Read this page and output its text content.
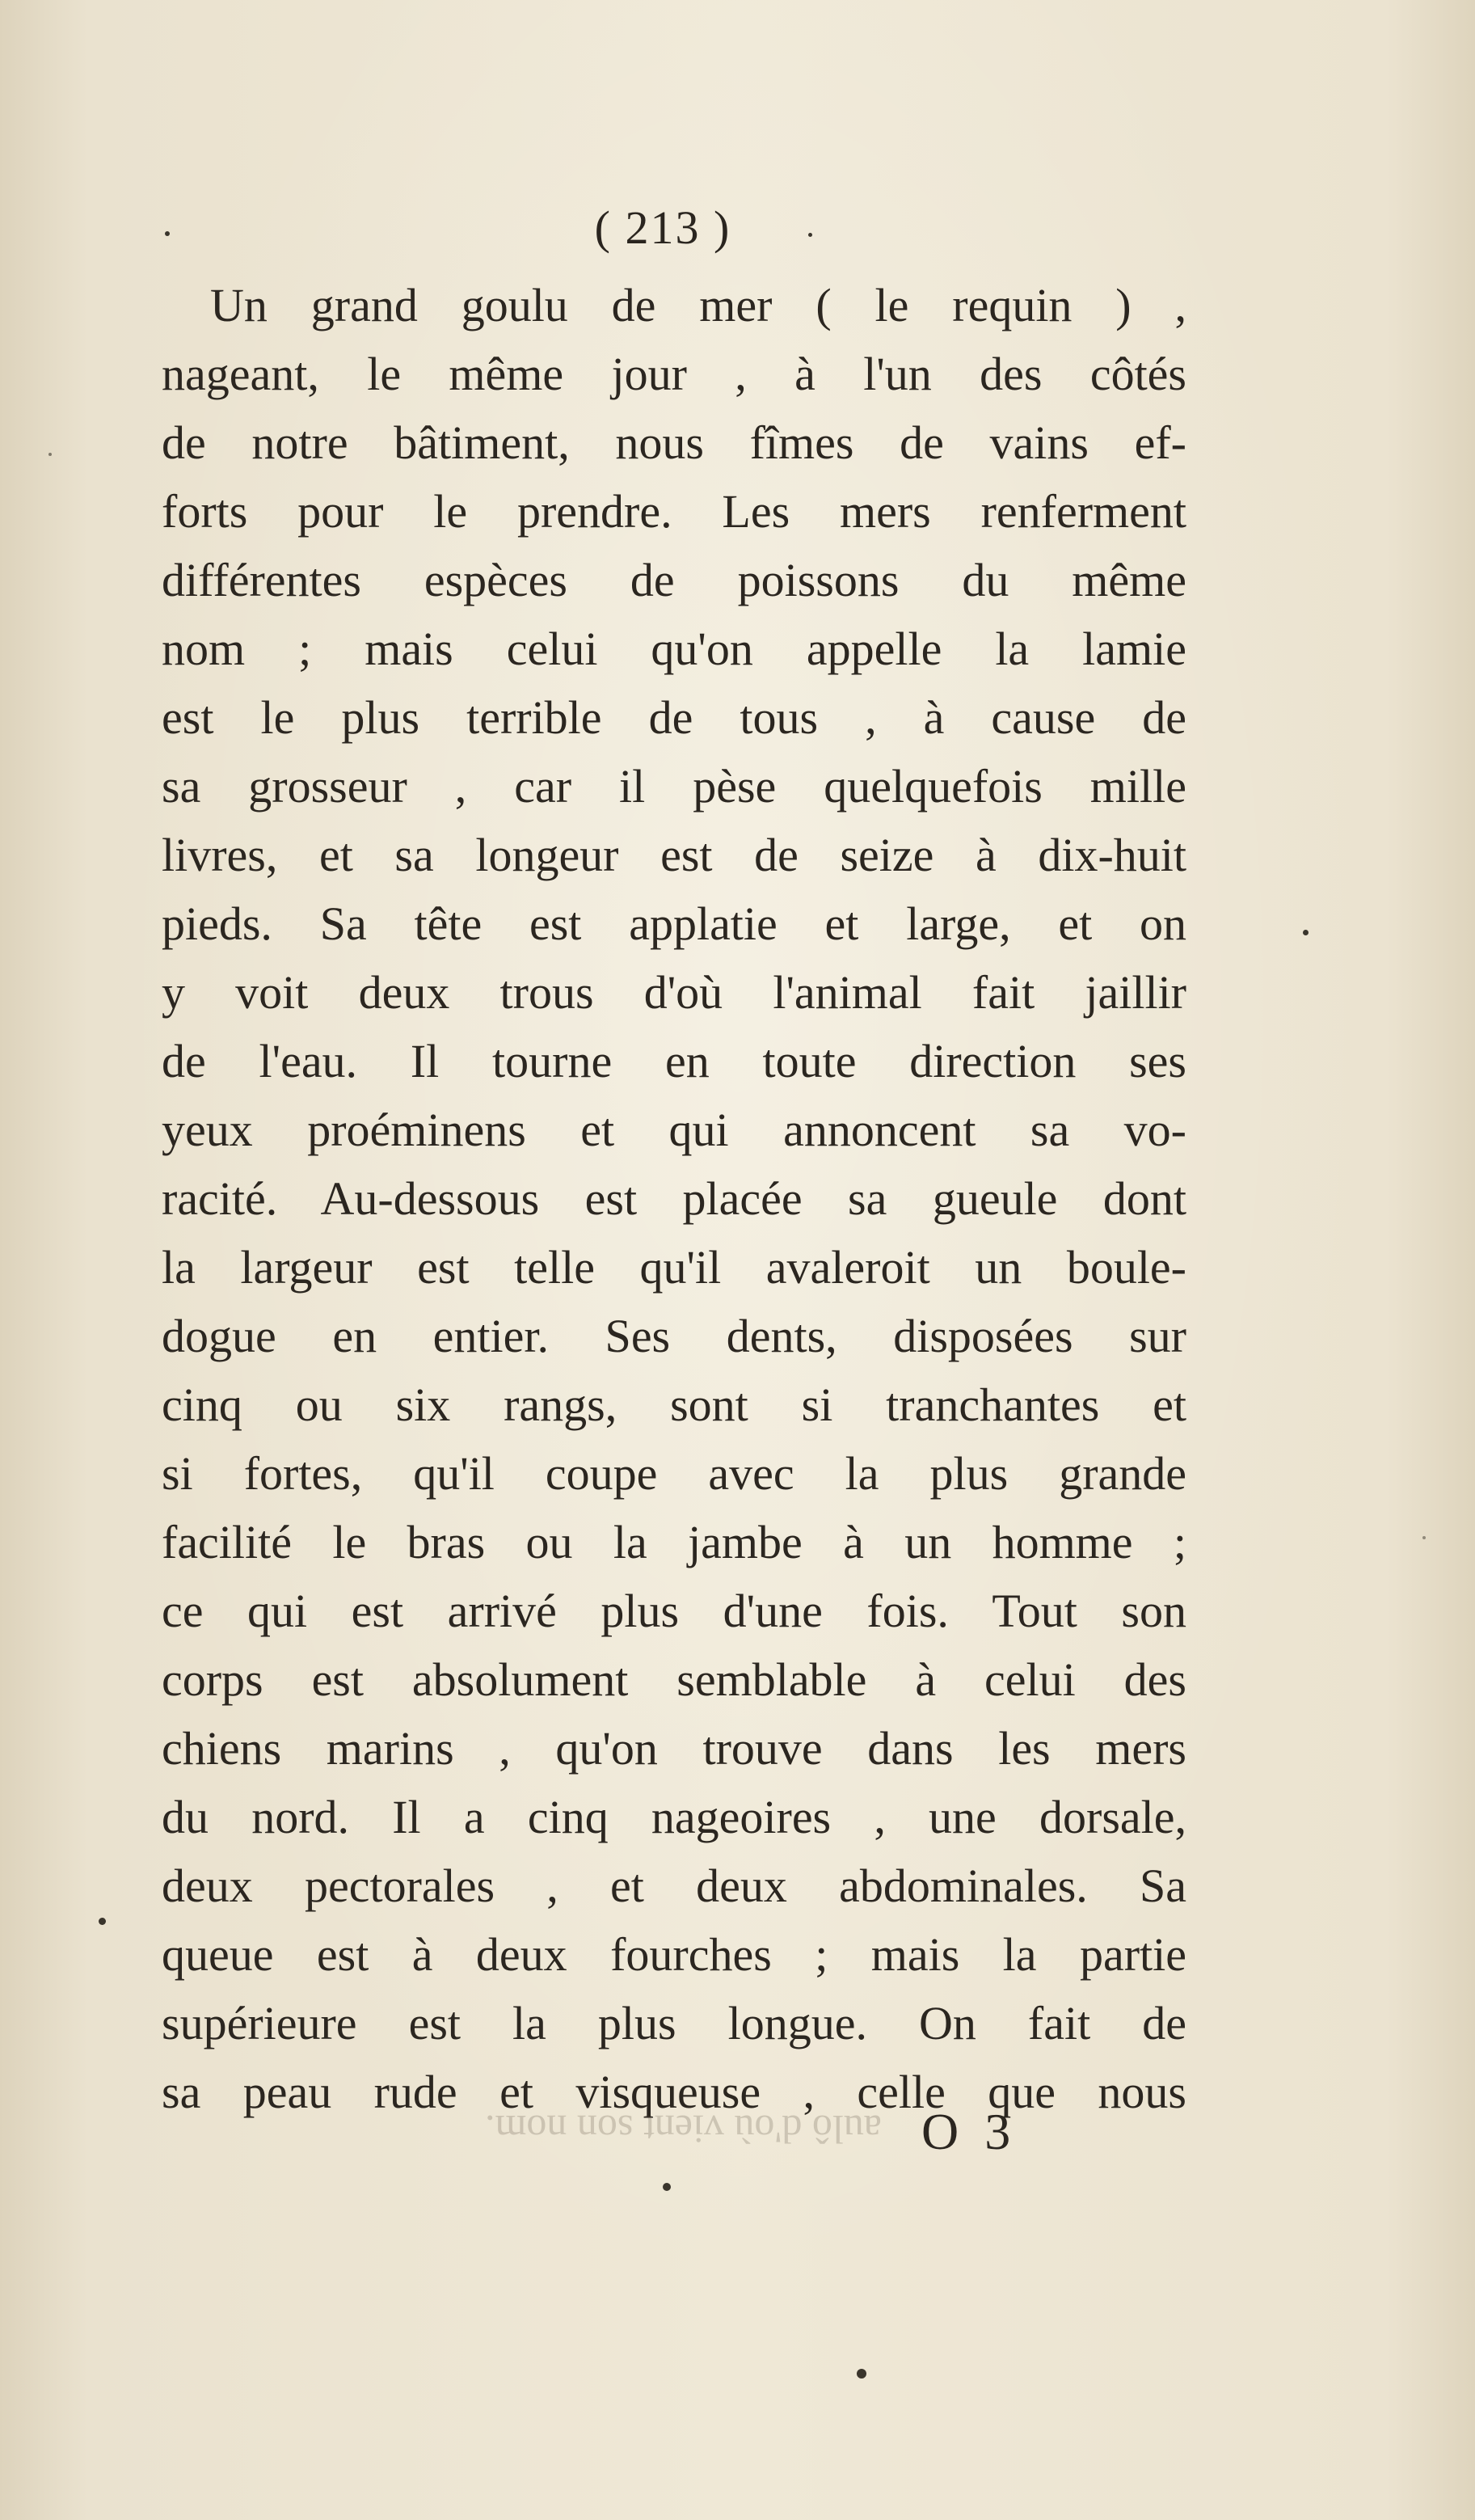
( 213 )
Un grand goulu de mer ( le requin ) ,
nageant, le même jour , à l'un des côtés
de notre bâtiment, nous fîmes de vains ef-
forts pour le prendre. Les mers renferment
différentes espèces de poissons du même
nom ; mais celui qu'on appelle la lamie
est le plus terrible de tous , à cause de
sa grosseur , car il pèse quelquefois mille
livres, et sa longeur est de seize à dix-huit
pieds. Sa tête est applatie et large, et on
y voit deux trous d'où l'animal fait jaillir
de l'eau. Il tourne en toute direction ses
yeux proéminens et qui annoncent sa vo-
racité. Au-dessous est placée sa gueule dont
la largeur est telle qu'il avaleroit un boule-
dogue en entier. Ses dents, disposées sur
cinq ou six rangs, sont si tranchantes et
si fortes, qu'il coupe avec la plus grande
facilité le bras ou la jambe à un homme ;
ce qui est arrivé plus d'une fois. Tout son
corps est absolument semblable à celui des
chiens marins , qu'on trouve dans les mers
du nord. Il a cinq nageoires , une dorsale,
deux pectorales , et deux abdominales. Sa
queue est à deux fourches ; mais la partie
supérieure est la plus longue. On fait de
sa peau rude et visqueuse , celle que nous
aulô d'où vient son nom. O 3
